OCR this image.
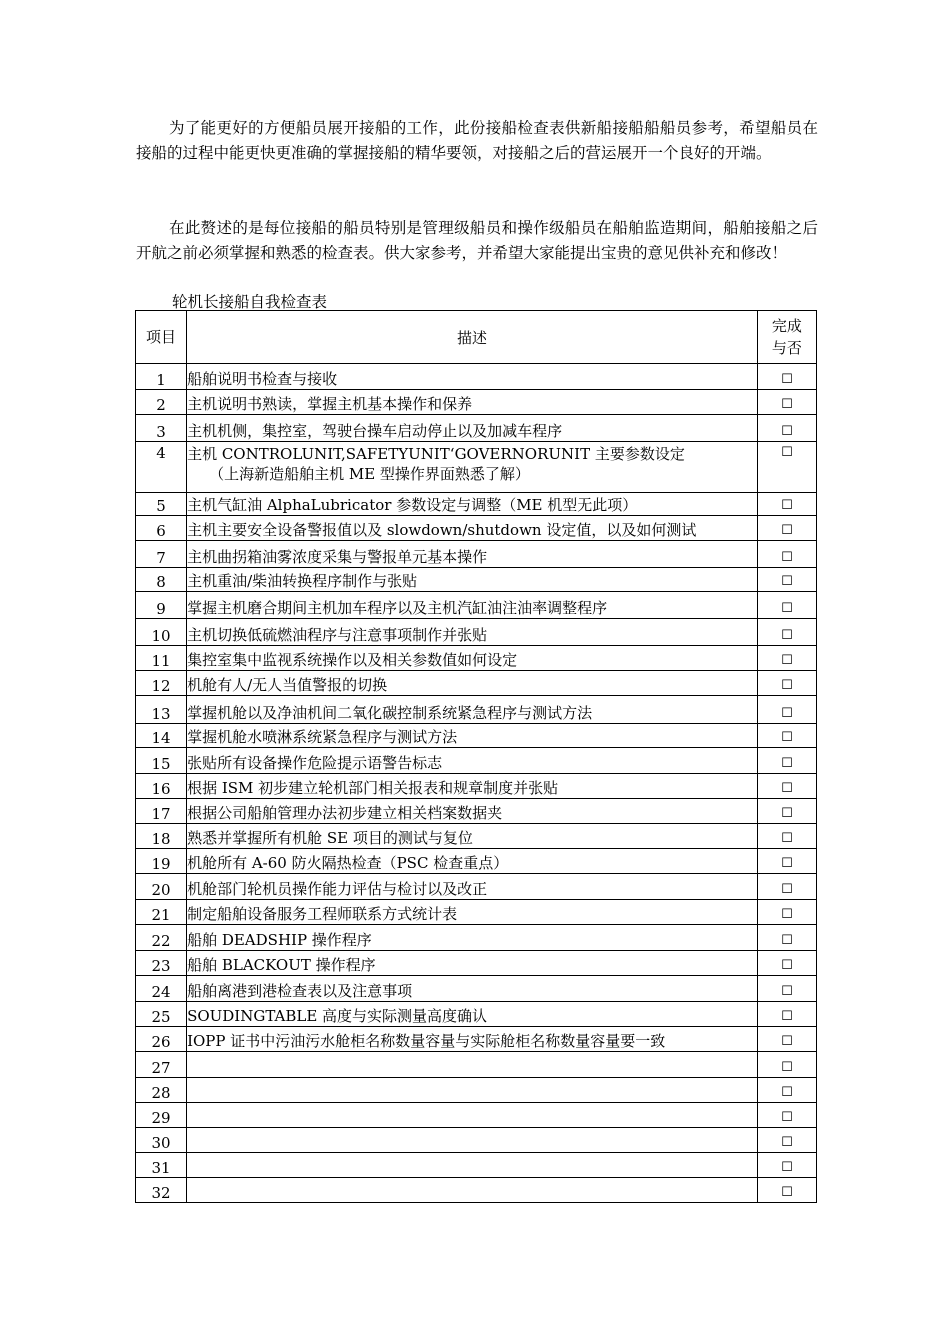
为了能更好的方便船员展开接船的工作，此份接船检查表供新船接船船船员参考，希望船员在接船的过程中能更快更准确的掌握接船的精华要领，对接船之后的营运展开一个良好的开端。

在此赘述的是每位接船的船员特别是管理级船员和操作级船员在船舶监造期间，船舶接船之后开航之前必须掌握和熟悉的检查表。供大家参考，并希望大家能提出宝贵的意见供补充和修改！

轮机长接船自我检查表
项目	描述	完成与否

1	船舶说明书检查与接收	☐
2	主机说明书熟读，掌握主机基本操作和保养	☐
3	主机机侧，集控室，驾驶台操车启动停止以及加减车程序	☐
4	主机 CONTROLUNIT,SAFETYUNIT‘GOVERNORUNIT 主要参数设定
（上海新造船舶主机 ME 型操作界面熟悉了解）	☐
5	主机气缸油 AlphaLubricator 参数设定与调整（ME 机型无此项）	☐
6	主机主要安全设备警报值以及 slowdown/shutdown 设定值，以及如何测试	☐
7	主机曲拐箱油雾浓度采集与警报单元基本操作	☐
8	主机重油/柴油转换程序制作与张贴	☐
9	掌握主机磨合期间主机加车程序以及主机汽缸油注油率调整程序	☐
10	主机切换低硫燃油程序与注意事项制作并张贴	☐
11	集控室集中监视系统操作以及相关参数值如何设定	☐
12	机舱有人/无人当值警报的切换	☐
13	掌握机舱以及净油机间二氧化碳控制系统紧急程序与测试方法	☐
14	掌握机舱水喷淋系统紧急程序与测试方法	☐
15	张贴所有设备操作危险提示语警告标志	☐
16	根据 ISM 初步建立轮机部门相关报表和规章制度并张贴	☐
17	根据公司船舶管理办法初步建立相关档案数据夹	☐
18	熟悉并掌握所有机舱 SE 项目的测试与复位	☐
19	机舱所有 A-60 防火隔热检查（PSC 检查重点）	☐
20	机舱部门轮机员操作能力评估与检讨以及改正	☐
21	制定船舶设备服务工程师联系方式统计表	☐
22	船舶 DEADSHIP 操作程序	☐
23	船舶 BLACKOUT 操作程序	☐
24	船舶离港到港检查表以及注意事项	☐
25	SOUDINGTABLE 高度与实际测量高度确认	☐
26	IOPP 证书中污油污水舱柜名称数量容量与实际舱柜名称数量容量要一致	☐
27		☐
28		☐
29		☐
30		☐
31		☐
32		☐
